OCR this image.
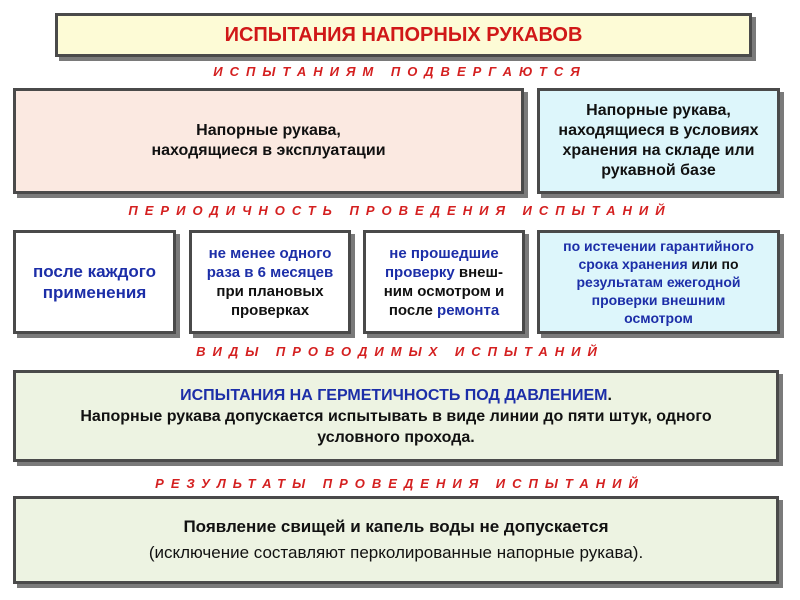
ИСПЫТАНИЯ НАПОРНЫХ РУКАВОВ
ИСПЫТАНИЯМ ПОДВЕРГАЮТСЯ
Напорные рукава,
находящиеся в эксплуатации
Напорные рукава,
находящиеся в условиях
хранения на складе или
рукавной базе
ПЕРИОДИЧНОСТЬ ПРОВЕДЕНИЯ ИСПЫТАНИЙ
после каждого
применения
не менее одного
раза в 6 месяцев
при плановых
проверках
не прошедшие
проверку внеш-
ним осмотром и
после ремонта
по истечении гарантийного
срока хранения или по
результатам ежегодной
проверки внешним
осмотром
ВИДЫ ПРОВОДИМЫХ ИСПЫТАНИЙ
ИСПЫТАНИЯ НА ГЕРМЕТИЧНОСТЬ ПОД ДАВЛЕНИЕМ.
Напорные рукава допускается испытывать в виде линии до пяти штук, одного
условного прохода.
РЕЗУЛЬТАТЫ ПРОВЕДЕНИЯ ИСПЫТАНИЙ
Появление свищей и капель воды не допускается
(исключение составляют перколированные напорные рукава).
